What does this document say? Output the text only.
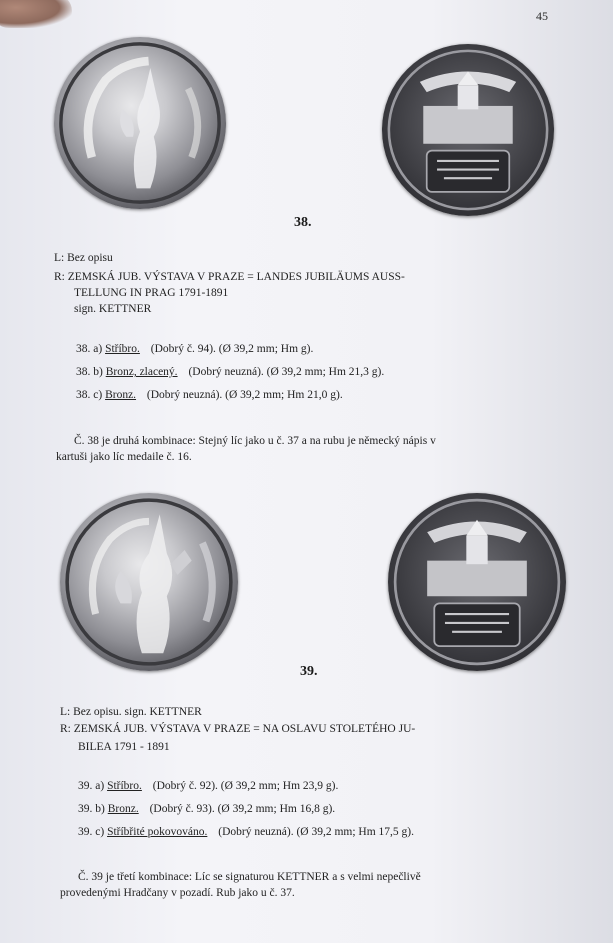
45
38.
L: Bez opisu
R: ZEMSKÁ JUB. VÝSTAVA V PRAZE = LANDES JUBILÄUMS AUSS-
TELLUNG IN PRAG 1791-1891
sign. KETTNER
38. a) Stříbro. (Dobrý č. 94). (Ø 39,2 mm; Hm g).
38. b) Bronz, zlacený. (Dobrý neuzná). (Ø 39,2 mm; Hm 21,3 g).
38. c) Bronz. (Dobrý neuzná). (Ø 39,2 mm; Hm 21,0 g).
Č. 38 je druhá kombinace: Stejný líc jako u č. 37 a na rubu je německý nápis v
kartuši jako líc medaile č. 16.
39.
L: Bez opisu. sign. KETTNER
R: ZEMSKÁ JUB. VÝSTAVA V PRAZE = NA OSLAVU STOLETÉHO JU-
BILEA 1791 - 1891
39. a) Stříbro. (Dobrý č. 92). (Ø 39,2 mm; Hm 23,9 g).
39. b) Bronz. (Dobrý č. 93). (Ø 39,2 mm; Hm 16,8 g).
39. c) Stříbřité pokovováno. (Dobrý neuzná). (Ø 39,2 mm; Hm 17,5 g).
Č. 39 je třetí kombinace: Líc se signaturou KETTNER a s velmi nepečlivě
provedenými Hradčany v pozadí. Rub jako u č. 37.
